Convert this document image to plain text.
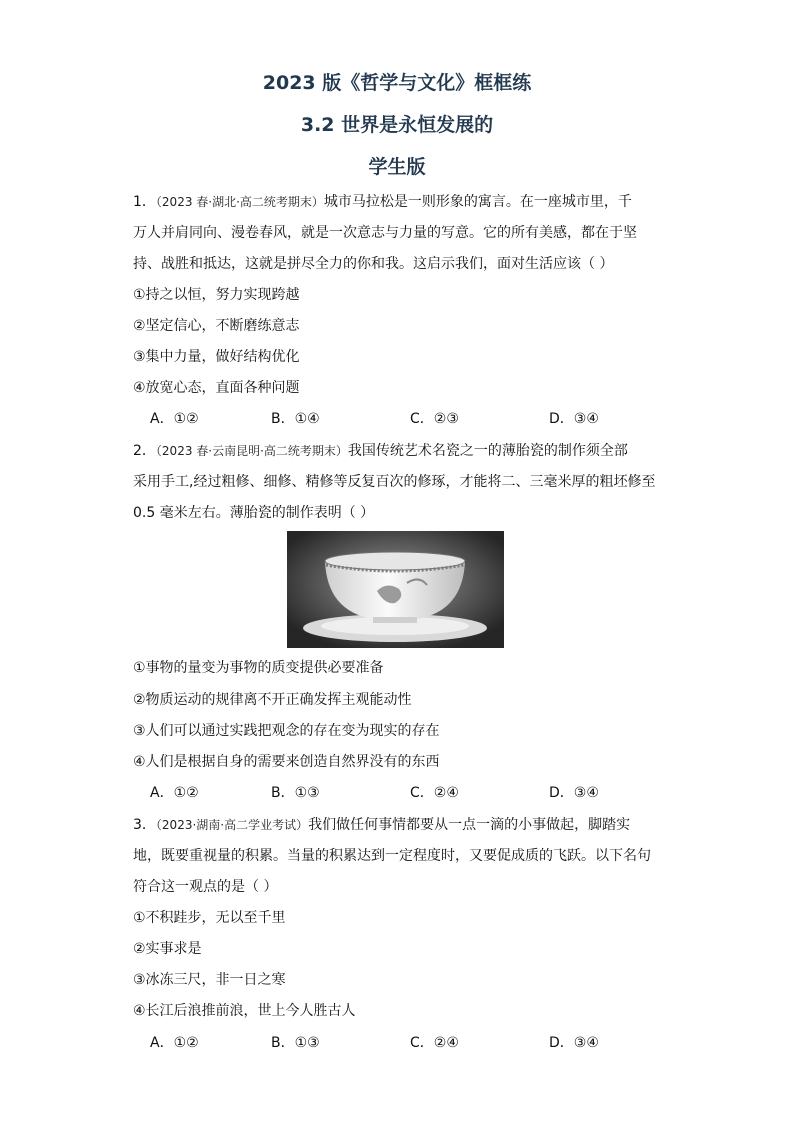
2023 版《哲学与文化》框框练
3.2 世界是永恒发展的
学生版
1．（2023 春·湖北·高二统考期末）城市马拉松是一则形象的寓言。在一座城市里，千
万人并肩同向、漫卷春风，就是一次意志与力量的写意。它的所有美感，都在于坚
持、战胜和抵达，这就是拼尽全力的你和我。这启示我们，面对生活应该（ ）
①持之以恒，努力实现跨越
②坚定信心，不断磨练意志
③集中力量，做好结构优化
④放宽心态，直面各种问题
A．①②	B．①④	C．②③	D．③④
2．（2023 春·云南昆明·高二统考期末）我国传统艺术名瓷之一的薄胎瓷的制作须全部
采用手工,经过粗修、细修、精修等反复百次的修琢，才能将二、三毫米厚的粗坯修至
0.5 毫米左右。薄胎瓷的制作表明（ ）
①事物的量变为事物的质变提供必要准备
②物质运动的规律离不开正确发挥主观能动性
③人们可以通过实践把观念的存在变为现实的存在
④人们是根据自身的需要来创造自然界没有的东西
A．①②	B．①③	C．②④	D．③④
3．（2023·湖南·高二学业考试）我们做任何事情都要从一点一滴的小事做起，脚踏实
地，既要重视量的积累。当量的积累达到一定程度时，又要促成质的飞跃。以下名句
符合这一观点的是（ ）
①不积跬步，无以至千里
②实事求是
③冰冻三尺，非一日之寒
④长江后浪推前浪，世上今人胜古人
A．①②	B．①③	C．②④	D．③④
